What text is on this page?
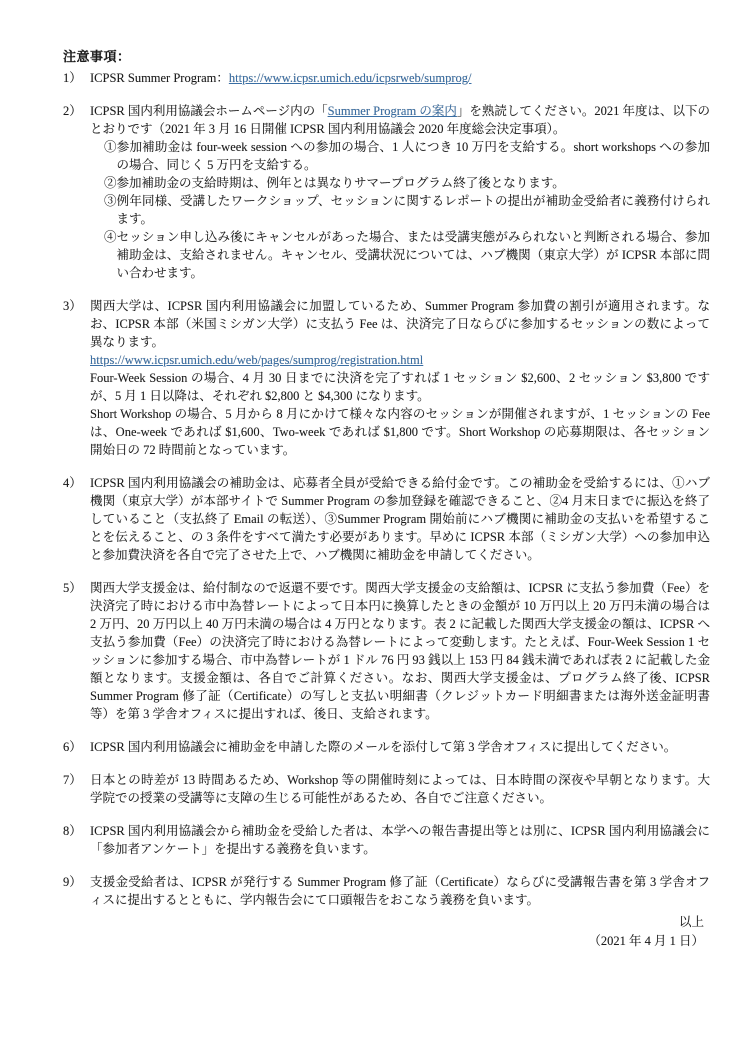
注意事項：
1） ICPSR Summer Program：https://www.icpsr.umich.edu/icpsrweb/sumprog/
2） ICPSR 国内利用協議会ホームページ内の「Summer Program の案内」を熟読してください。2021 年度は、以下のとおりです（2021 年 3 月 16 日開催 ICPSR 国内利用協議会 2020 年度総会決定事項）。
①参加補助金は four-week session への参加の場合、1 人につき 10 万円を支給する。short workshops への参加の場合、同じく 5 万円を支給する。
②参加補助金の支給時期は、例年とは異なりサマープログラム終了後となります。
③例年同様、受講したワークショップ、セッションに関するレポートの提出が補助金受給者に義務付けられます。
④セッション申し込み後にキャンセルがあった場合、または受講実態がみられないと判断される場合、参加補助金は、支給されません。キャンセル、受講状況については、ハブ機関（東京大学）が ICPSR 本部に問い合わせます。
3） 関西大学は、ICPSR 国内利用協議会に加盟しているため、Summer Program 参加費の割引が適用されます。なお、ICPSR 本部（米国ミシガン大学）に支払う Fee は、決済完了日ならびに参加するセッションの数によって異なります。
https://www.icpsr.umich.edu/web/pages/sumprog/registration.html
Four-Week Session の場合、4 月 30 日までに決済を完了すれば 1 セッション $2,600、2 セッション $3,800 ですが、5 月 1 日以降は、それぞれ $2,800 と $4,300 になります。
Short Workshop の場合、5 月から 8 月にかけて様々な内容のセッションが開催されますが、1 セッションの Fee は、One-week であれば $1,600、Two-week であれば $1,800 です。Short Workshop の応募期限は、各セッション開始日の 72 時間前となっています。
4） ICPSR 国内利用協議会の補助金は、応募者全員が受給できる給付金です。この補助金を受給するには、①ハブ機関（東京大学）が本部サイトで Summer Program の参加登録を確認できること、②4 月末日までに振込を終了していること（支払終了 Email の転送）、③Summer Program 開始前にハブ機関に補助金の支払いを希望することを伝えること、の 3 条件をすべて満たす必要があります。早めに ICPSR 本部（ミシガン大学）への参加申込と参加費決済を各自で完了させた上で、ハブ機関に補助金を申請してください。
5） 関西大学支援金は、給付制なので返還不要です。関西大学支援金の支給額は、ICPSR に支払う参加費（Fee）を決済完了時における市中為替レートによって日本円に換算したときの金額が 10 万円以上 20 万円未満の場合は 2 万円、20 万円以上 40 万円未満の場合は 4 万円となります。表 2 に記載した関西大学支援金の額は、ICPSR へ支払う参加費（Fee）の決済完了時における為替レートによって変動します。たとえば、Four-Week Session 1 セッションに参加する場合、市中為替レートが 1 ドル 76 円 93 銭以上 153 円 84 銭未満であれば表 2 に記載した金額となります。支援金額は、各自でご計算ください。なお、関西大学支援金は、プログラム終了後、ICPSR Summer Program 修了証（Certificate）の写しと支払い明細書（クレジットカード明細書または海外送金証明書等）を第 3 学舎オフィスに提出すれば、後日、支給されます。
6） ICPSR 国内利用協議会に補助金を申請した際のメールを添付して第 3 学舎オフィスに提出してください。
7） 日本との時差が 13 時間あるため、Workshop 等の開催時刻によっては、日本時間の深夜や早朝となります。大学院での授業の受講等に支障の生じる可能性があるため、各自でご注意ください。
8） ICPSR 国内利用協議会から補助金を受給した者は、本学への報告書提出等とは別に、ICPSR 国内利用協議会に「参加者アンケート」を提出する義務を負います。
9） 支援金受給者は、ICPSR が発行する Summer Program 修了証（Certificate）ならびに受講報告書を第 3 学舎オフィスに提出するとともに、学内報告会にて口頭報告をおこなう義務を負います。
以上
（2021 年 4 月 1 日）
